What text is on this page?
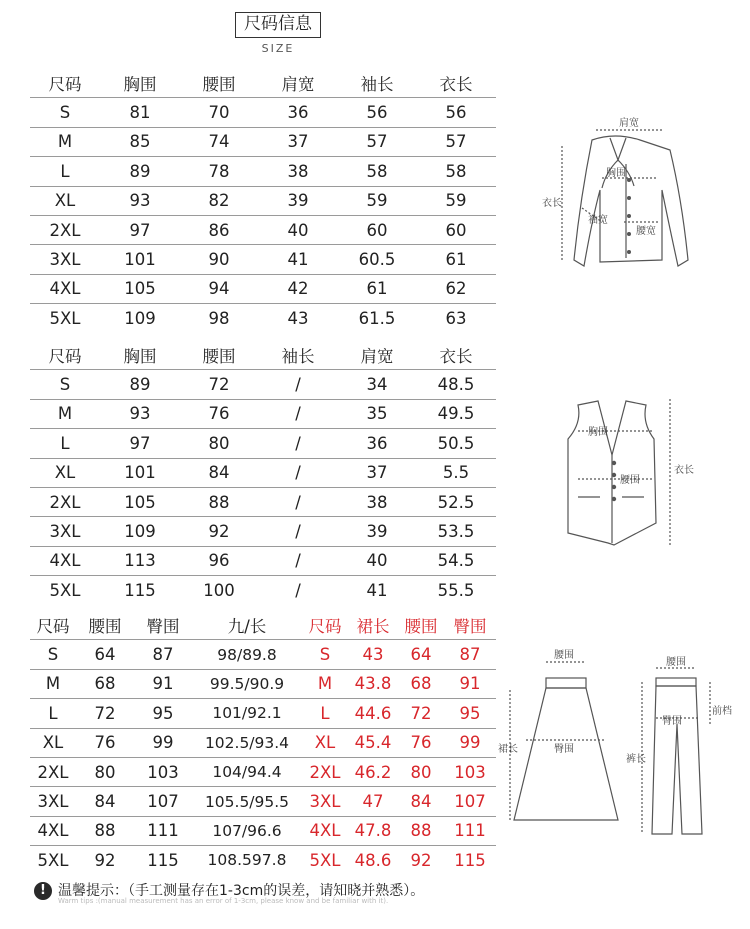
尺码信息
SIZE
尺码	胸围	腰围	肩宽	袖长	衣长
S	81	70	36	56	56
M	85	74	37	57	57
L	89	78	38	58	58
XL	93	82	39	59	59
2XL	97	86	40	60	60
3XL	101	90	41	60.5	61
4XL	105	94	42	61	62
5XL	109	98	43	61.5	63
尺码	胸围	腰围	袖长	肩宽	衣长
S	89	72	/	34	48.5
M	93	76	/	35	49.5
L	97	80	/	36	50.5
XL	101	84	/	37	5.5
2XL	105	88	/	38	52.5
3XL	109	92	/	39	53.5
4XL	113	96	/	40	54.5
5XL	115	100	/	41	55.5
尺码	腰围	臀围	九/长	尺码	裙长	腰围	臀围
S	64	87	98/89.8	S	43	64	87
M	68	91	99.5/90.9	M	43.8	68	91
L	72	95	101/92.1	L	44.6	72	95
XL	76	99	102.5/93.4	XL	45.4	76	99
2XL	80	103	104/94.4	2XL	46.2	80	103
3XL	84	107	105.5/95.5	3XL	47	84	107
4XL	88	111	107/96.6	4XL	47.8	88	111
5XL	92	115	108.597.8	5XL	48.6	92	115
肩宽
胸围
袖宽
腰宽
衣长
胸围
腰围
衣长
腰围
臀围
裙长
腰围
前档
臀围
裤长
! 温馨提示：（手工测量存在1-3cm的误差，请知晓并熟悉）。
Warm tips :(manual measurement has an error of 1-3cm, please know and be familiar with it).
